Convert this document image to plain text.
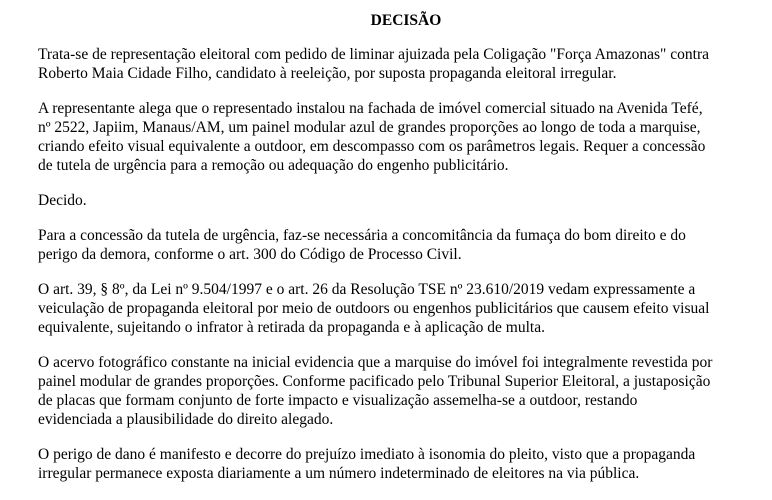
DECISÃO

Trata-se de representação eleitoral com pedido de liminar ajuizada pela Coligação "Força Amazonas" contra
Roberto Maia Cidade Filho, candidato à reeleição, por suposta propaganda eleitoral irregular.

A representante alega que o representado instalou na fachada de imóvel comercial situado na Avenida Tefé,
nº 2522, Japiim, Manaus/AM, um painel modular azul de grandes proporções ao longo de toda a marquise,
criando efeito visual equivalente a outdoor, em descompasso com os parâmetros legais. Requer a concessão
de tutela de urgência para a remoção ou adequação do engenho publicitário.

Decido.

Para a concessão da tutela de urgência, faz-se necessária a concomitância da fumaça do bom direito e do
perigo da demora, conforme o art. 300 do Código de Processo Civil.

O art. 39, § 8º, da Lei nº 9.504/1997 e o art. 26 da Resolução TSE nº 23.610/2019 vedam expressamente a
veiculação de propaganda eleitoral por meio de outdoors ou engenhos publicitários que causem efeito visual
equivalente, sujeitando o infrator à retirada da propaganda e à aplicação de multa.

O acervo fotográfico constante na inicial evidencia que a marquise do imóvel foi integralmente revestida por
painel modular de grandes proporções. Conforme pacificado pelo Tribunal Superior Eleitoral, a justaposição
de placas que formam conjunto de forte impacto e visualização assemelha-se a outdoor, restando
evidenciada a plausibilidade do direito alegado.

O perigo de dano é manifesto e decorre do prejuízo imediato à isonomia do pleito, visto que a propaganda
irregular permanece exposta diariamente a um número indeterminado de eleitores na via pública.
